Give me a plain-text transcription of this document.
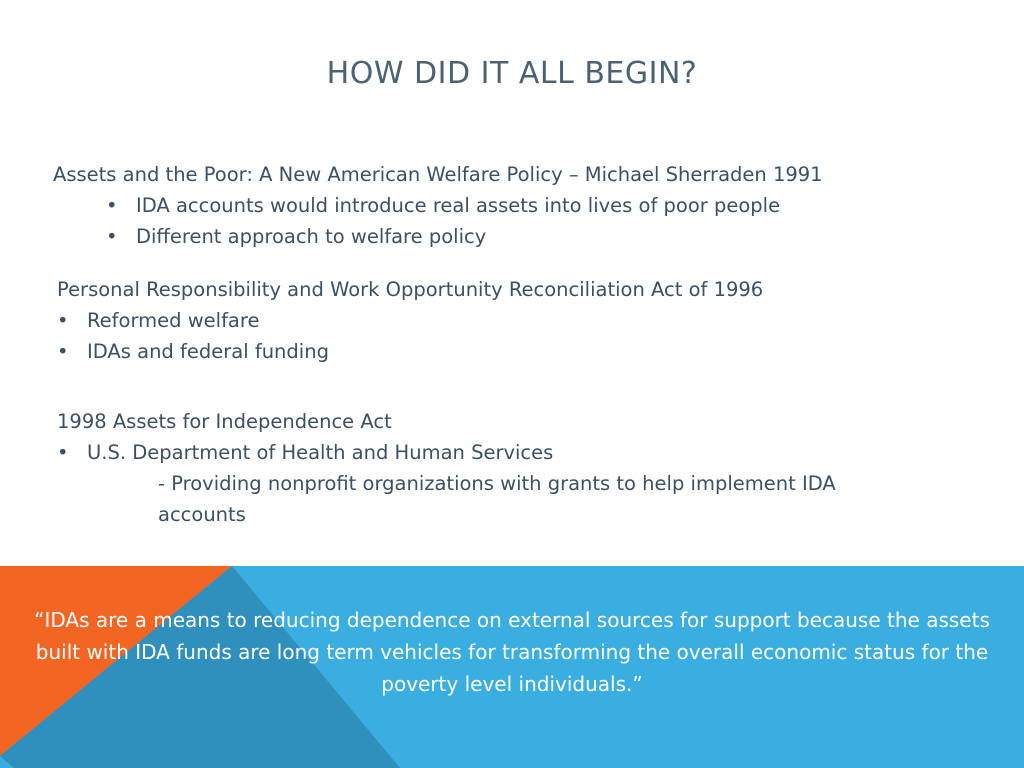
HOW DID IT ALL BEGIN?
Assets and the Poor: A New American Welfare Policy – Michael Sherraden 1991
• IDA accounts would introduce real assets into lives of poor people
• Different approach to welfare policy
Personal Responsibility and Work Opportunity Reconciliation Act of 1996
• Reformed welfare
• IDAs and federal funding
1998 Assets for Independence Act
• U.S. Department of Health and Human Services
- Providing nonprofit organizations with grants to help implement IDA
accounts
“IDAs are a means to reducing dependence on external sources for support because the assets built with IDA funds are long term vehicles for transforming the overall economic status for the poverty level individuals.”
